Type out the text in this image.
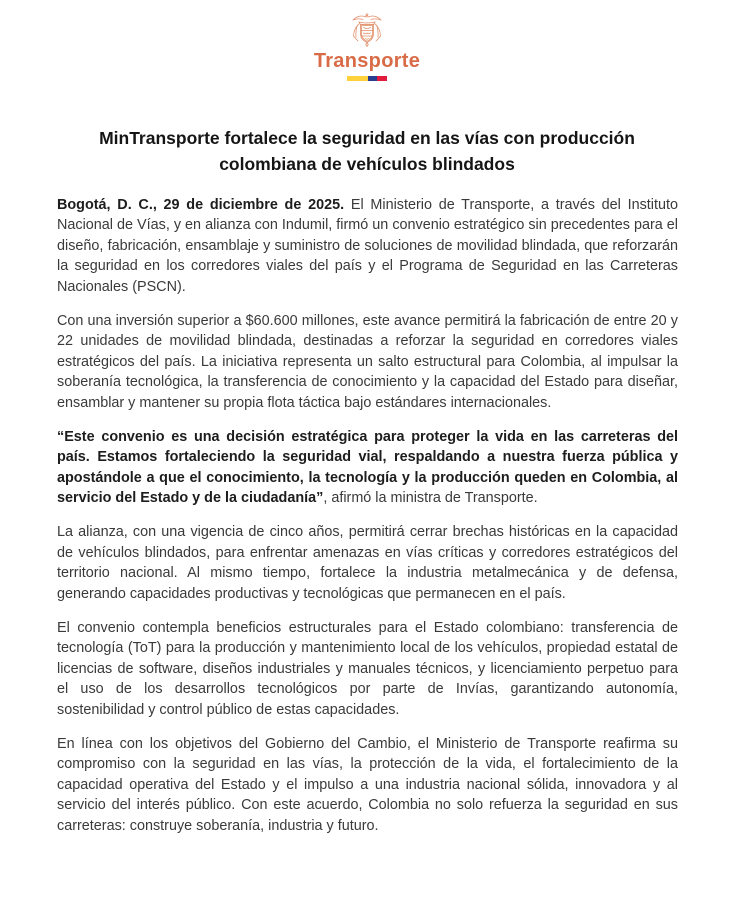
Transporte
MinTransporte fortalece la seguridad en las vías con producción colombiana de vehículos blindados

Bogotá, D. C., 29 de diciembre de 2025. El Ministerio de Transporte, a través del Instituto Nacional de Vías, y en alianza con Indumil, firmó un convenio estratégico sin precedentes para el diseño, fabricación, ensamblaje y suministro de soluciones de movilidad blindada, que reforzarán la seguridad en los corredores viales del país y el Programa de Seguridad en las Carreteras Nacionales (PSCN).

Con una inversión superior a $60.600 millones, este avance permitirá la fabricación de entre 20 y 22 unidades de movilidad blindada, destinadas a reforzar la seguridad en corredores viales estratégicos del país. La iniciativa representa un salto estructural para Colombia, al impulsar la soberanía tecnológica, la transferencia de conocimiento y la capacidad del Estado para diseñar, ensamblar y mantener su propia flota táctica bajo estándares internacionales.

“Este convenio es una decisión estratégica para proteger la vida en las carreteras del país. Estamos fortaleciendo la seguridad vial, respaldando a nuestra fuerza pública y apostándole a que el conocimiento, la tecnología y la producción queden en Colombia, al servicio del Estado y de la ciudadanía”, afirmó la ministra de Transporte.

La alianza, con una vigencia de cinco años, permitirá cerrar brechas históricas en la capacidad de vehículos blindados, para enfrentar amenazas en vías críticas y corredores estratégicos del territorio nacional. Al mismo tiempo, fortalece la industria metalmecánica y de defensa, generando capacidades productivas y tecnológicas que permanecen en el país.

El convenio contempla beneficios estructurales para el Estado colombiano: transferencia de tecnología (ToT) para la producción y mantenimiento local de los vehículos, propiedad estatal de licencias de software, diseños industriales y manuales técnicos, y licenciamiento perpetuo para el uso de los desarrollos tecnológicos por parte de Invías, garantizando autonomía, sostenibilidad y control público de estas capacidades.

En línea con los objetivos del Gobierno del Cambio, el Ministerio de Transporte reafirma su compromiso con la seguridad en las vías, la protección de la vida, el fortalecimiento de la capacidad operativa del Estado y el impulso a una industria nacional sólida, innovadora y al servicio del interés público. Con este acuerdo, Colombia no solo refuerza la seguridad en sus carreteras: construye soberanía, industria y futuro.
